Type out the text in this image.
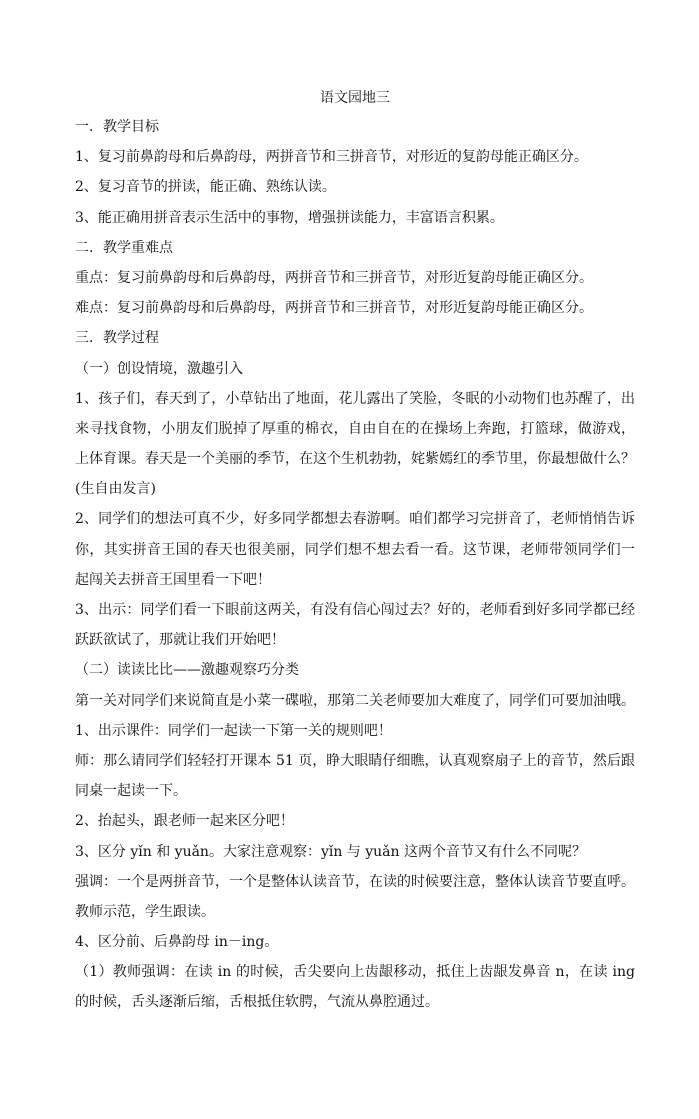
语文园地三
一．教学目标
1、复习前鼻韵母和后鼻韵母，两拼音节和三拼音节，对形近的复韵母能正确区分。
2、复习音节的拼读，能正确、熟练认读。
3、能正确用拼音表示生活中的事物，增强拼读能力，丰富语言积累。
二．教学重难点
重点：复习前鼻韵母和后鼻韵母，两拼音节和三拼音节，对形近复韵母能正确区分。
难点：复习前鼻韵母和后鼻韵母，两拼音节和三拼音节，对形近复韵母能正确区分。
三．教学过程
（一）创设情境，激趣引入
1、孩子们，春天到了，小草钻出了地面，花儿露出了笑脸，冬眠的小动物们也苏醒了，出
来寻找食物，小朋友们脱掉了厚重的棉衣，自由自在的在操场上奔跑，打篮球，做游戏，
上体育课。春天是一个美丽的季节，在这个生机勃勃，姹紫嫣红的季节里，你最想做什么？
(生自由发言)
2、同学们的想法可真不少，好多同学都想去春游啊。咱们都学习完拼音了，老师悄悄告诉
你，其实拼音王国的春天也很美丽，同学们想不想去看一看。这节课，老师带领同学们一
起闯关去拼音王国里看一下吧！
3、出示：同学们看一下眼前这两关，有没有信心闯过去？好的，老师看到好多同学都已经
跃跃欲试了，那就让我们开始吧！
（二）读读比比——激趣观察巧分类
第一关对同学们来说简直是小菜一碟啦，那第二关老师要加大难度了，同学们可要加油哦。
1、出示课件：同学们一起读一下第一关的规则吧！
师：那么请同学们轻轻打开课本 51 页，睁大眼睛仔细瞧，认真观察扇子上的音节，然后跟
同桌一起读一下。
2、抬起头，跟老师一起来区分吧！
3、区分 yǐn 和 yuǎn。大家注意观察：yǐn 与 yuǎn 这两个音节又有什么不同呢？
强调：一个是两拼音节，一个是整体认读音节，在读的时候要注意，整体认读音节要直呼。
教师示范，学生跟读。
4、区分前、后鼻韵母 in－ing。
（1）教师强调：在读 in 的时候，舌尖要向上齿龈移动，抵住上齿龈发鼻音 n，在读 ing
的时候，舌头逐渐后缩，舌根抵住软腭，气流从鼻腔通过。
